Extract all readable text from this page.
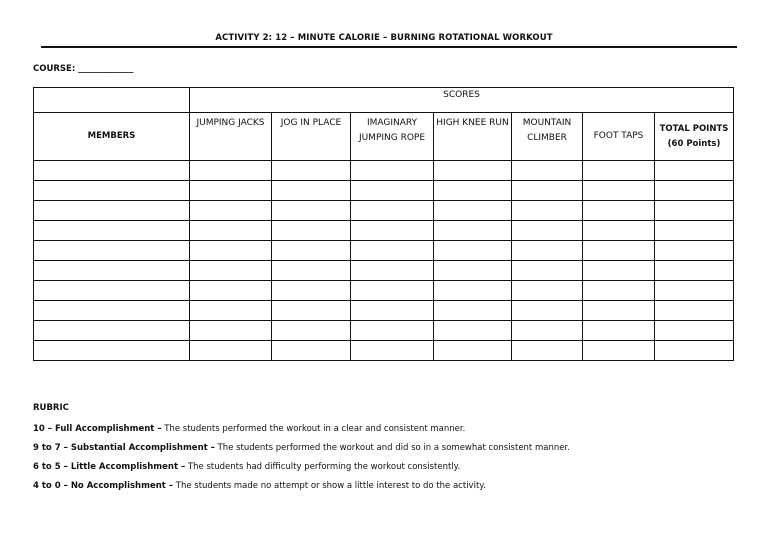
ACTIVITY 2: 12 – MINUTE CALORIE – BURNING ROTATIONAL WORKOUT
COURSE: _____________
	SCORES						
MEMBERS	JUMPING JACKS	JOG IN PLACE	IMAGINARY JUMPING ROPE	HIGH KNEE RUN	MOUNTAIN CLIMBER	FOOT TAPS	TOTAL POINTS
(60 Points)

RUBRIC
10 – Full Accomplishment – The students performed the workout in a clear and consistent manner.
9 to 7 – Substantial Accomplishment – The students performed the workout and did so in a somewhat consistent manner.
6 to 5 – Little Accomplishment – The students had difficulty performing the workout consistently.
4 to 0 – No Accomplishment – The students made no attempt or show a little interest to do the activity.
